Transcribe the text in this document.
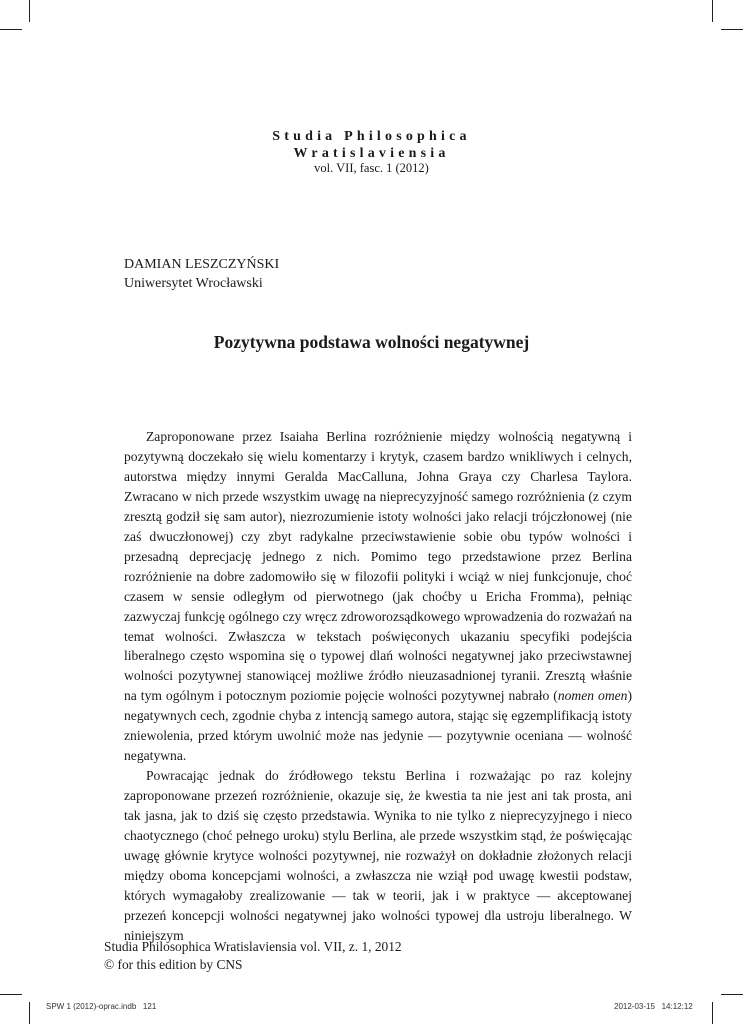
Studia Philosophica
Wratislaviensia
vol. VII, fasc. 1 (2012)
DAMIAN LESZCZYŃSKI
Uniwersytet Wrocławski
Pozytywna podstawa wolności negatywnej

Zaproponowane przez Isaiaha Berlina rozróżnienie między wolnością negatywną i pozytywną doczekało się wielu komentarzy i krytyk, czasem bardzo wnikliwych i celnych, autorstwa między innymi Geralda MacCalluna, Johna Graya czy Charlesa Taylora. Zwracano w nich przede wszystkim uwagę na nieprecyzyjność samego rozróżnienia (z czym zresztą godził się sam autor), niezrozumienie istoty wolności jako relacji trójczłonowej (nie zaś dwuczłonowej) czy zbyt radykalne przeciwstawienie sobie obu typów wolności i przesadną deprecjację jednego z nich. Pomimo tego przedstawione przez Berlina rozróżnienie na dobre zadomowiło się w filozofii polityki i wciąż w niej funkcjonuje, choć czasem w sensie odległym od pierwotnego (jak choćby u Ericha Fromma), pełniąc zazwyczaj funkcję ogólnego czy wręcz zdroworozsądkowego wprowadzenia do rozważań na temat wolności. Zwłaszcza w tekstach poświęconych ukazaniu specyfiki podejścia liberalnego często wspomina się o typowej dlań wolności negatywnej jako przeciwstawnej wolności pozytywnej stanowiącej możliwe źródło nieuzasadnionej tyranii. Zresztą właśnie na tym ogólnym i potocznym poziomie pojęcie wolności pozytywnej nabrało (nomen omen) negatywnych cech, zgodnie chyba z intencją samego autora, stając się egzemplifikacją istoty zniewolenia, przed którym uwolnić może nas jedynie — pozytywnie oceniana — wolność negatywna.

Powracając jednak do źródłowego tekstu Berlina i rozważając po raz kolejny zaproponowane przezeń rozróżnienie, okazuje się, że kwestia ta nie jest ani tak prosta, ani tak jasna, jak to dziś się często przedstawia. Wynika to nie tylko z nieprecyzyjnego i nieco chaotycznego (choć pełnego uroku) stylu Berlina, ale przede wszystkim stąd, że poświęcając uwagę głównie krytyce wolności pozytywnej, nie rozważył on dokładnie złożonych relacji między oboma koncepcjami wolności, a zwłaszcza nie wziął pod uwagę kwestii podstaw, których wymagałoby zrealizowanie — tak w teorii, jak i w praktyce — akceptowanej przezeń koncepcji wolności negatywnej jako wolności typowej dla ustroju liberalnego. W niniejszym

Studia Philosophica Wratislaviensia vol. VII, z. 1, 2012
© for this edition by CNS
SPW 1 (2012)-oprac.indb   121	2012-03-15   14:12:12
